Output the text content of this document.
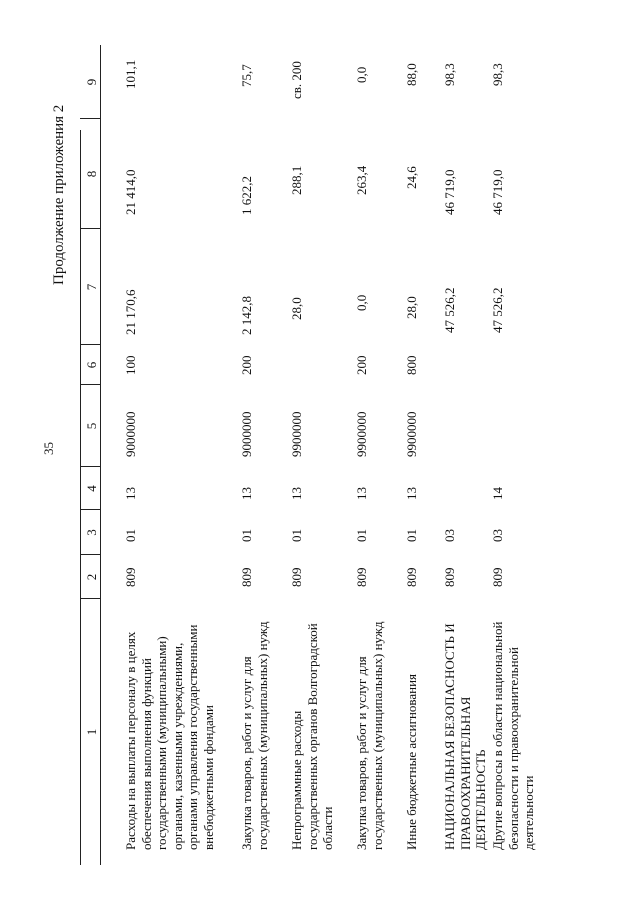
35
Продолжение приложения 2
1
2
3
4
5
6
7
8
9
Расходы на выплаты персоналу в целях обеспечения выполнения функций государственными (муниципальными) органами, казенными учреждениями, органами управления государственными внебюджетными фондами
809
01
13
9000000
100
21 170,6
21 414,0
101,1
Закупка товаров, работ и услуг для государственных (муниципальных) нужд
809
01
13
9000000
200
2 142,8
1 622,2
75,7
Непрограммные расходы государственных органов Волгоградской области
809
01
13
9900000
28,0
288,1
св. 200
Закупка товаров, работ и услуг для государственных (муниципальных) нужд
809
01
13
9900000
200
0,0
263,4
0,0
Иные бюджетные ассигнования
809
01
13
9900000
800
28,0
24,6
88,0
НАЦИОНАЛЬНАЯ БЕЗОПАСНОСТЬ И ПРАВООХРАНИТЕЛЬНАЯ ДЕЯТЕЛЬНОСТЬ
809
03
47 526,2
46 719,0
98,3
Другие вопросы в области национальной безопасности и правоохранительной деятельности
809
03
14
47 526,2
46 719,0
98,3
